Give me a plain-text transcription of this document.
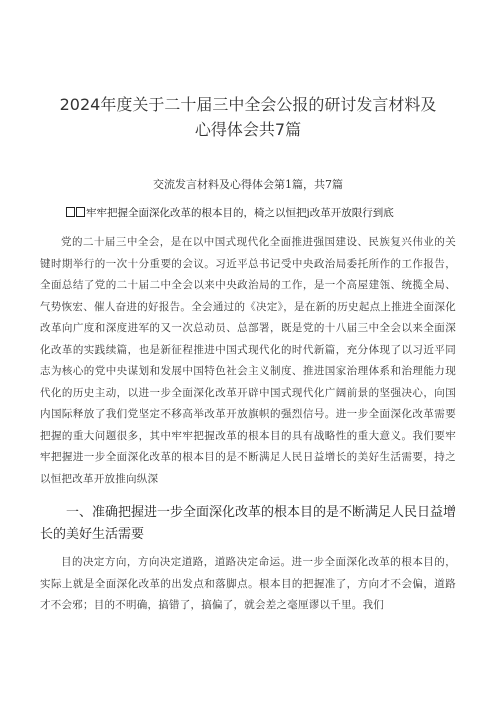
2024年度关于二十届三中全会公报的研讨发言材料及
心得体会共7篇

交流发言材料及心得体会第1篇，共7篇

牢牢把握全面深化改革的根本目的，椅之以恒把j改革开放限行到底

党的二十届三中全会，是在以中国式现代化全面推进强国建设、民族复兴伟业的关键时期举行的一次十分重要的会议。习近平总书记受中央政治局委托所作的工作报告，全面总结了党的二十届二中全会以来中央政治局的工作，是一个高屋建瓴、统揽全局、气势恢宏、催人奋进的好报告。全会通过的《决定》，是在新的历史起点上推进全面深化改革向广度和深度进军的又一次总动员、总部署，既是党的十八届三中全会以来全面深化改革的实践续篇，也是新征程推进中国式现代化的时代新篇，充分体现了以习近平同志为核心的党中央谋划和发展中国特色社会主义制度、推进国家治理体系和治理能力现代化的历史主动，以进一步全面深化改革开辟中国式现代化广阔前景的坚强决心，向国内国际释放了我们党坚定不移高举改革开放旗帜的强烈信号。进一步全面深化改革需要把握的重大问题很多，其中牢牢把握改革的根本目的具有战略性的重大意义。我们要牢牢把握进一步全面深化改革的根本目的是不断满足人民日益增长的美好生活需要，持之以恒把改革开放推向纵深

一、准确把握进一步全面深化改革的根本目的是不断满足人民日益增长的美好生活需要

目的决定方向，方向决定道路，道路决定命运。进一步全面深化改革的根本目的，实际上就是全面深化改革的出发点和落脚点。根本目的把握准了，方向才不会偏，道路才不会邪；目的不明确，搞错了，搞偏了，就会差之毫厘谬以千里。我们
